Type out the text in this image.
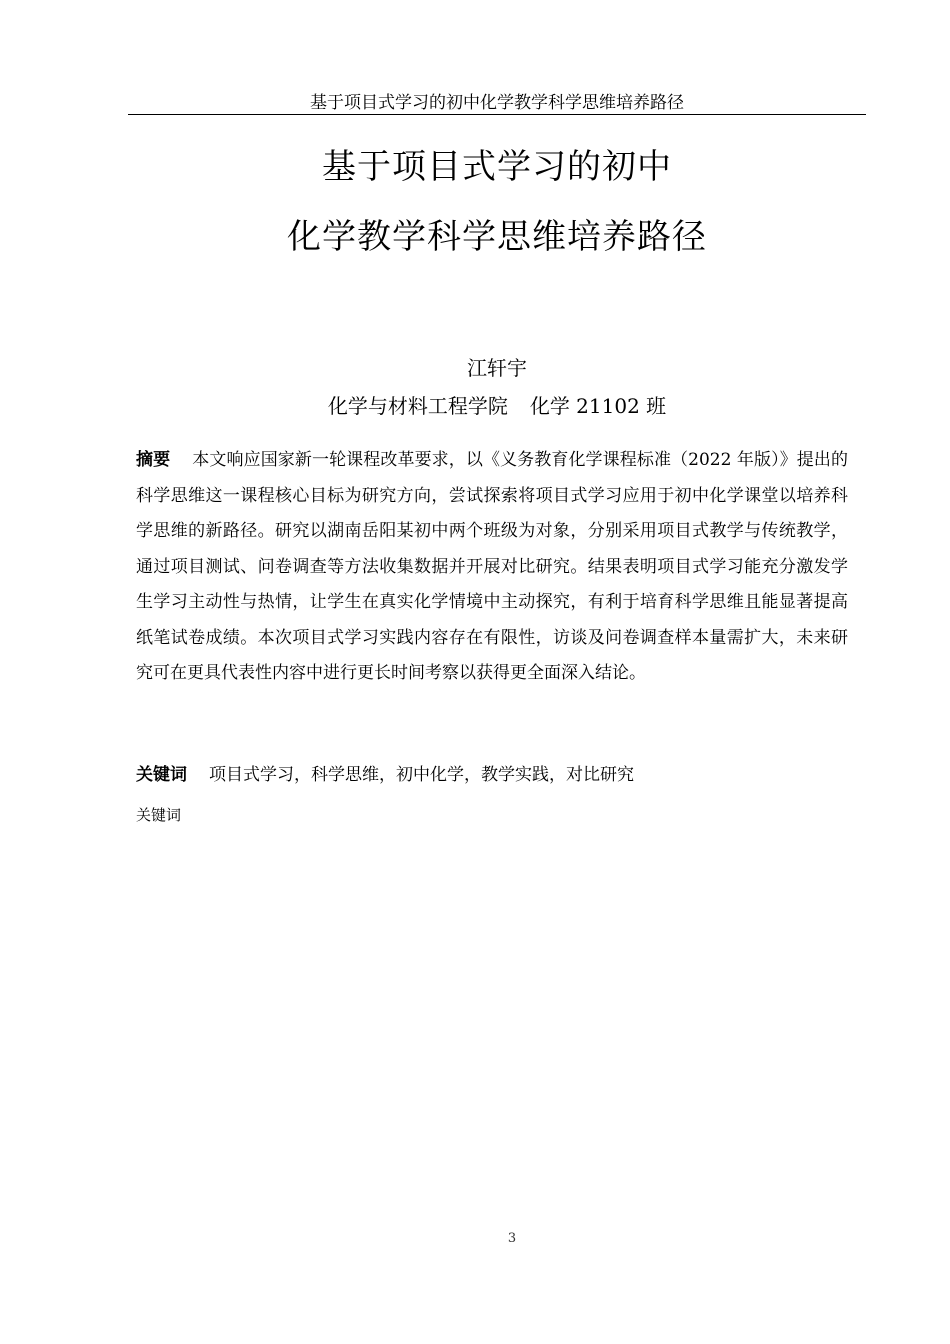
基于项目式学习的初中化学教学科学思维培养路径
基于项目式学习的初中
化学教学科学思维培养路径
江轩宇
化学与材料工程学院 化学 21102 班
摘要 本文响应国家新一轮课程改革要求，以《义务教育化学课程标准（2022 年版）》提出的科学思维这一课程核心目标为研究方向，尝试探索将项目式学习应用于初中化学课堂以培养科学思维的新路径。研究以湖南岳阳某初中两个班级为对象，分别采用项目式教学与传统教学，通过项目测试、问卷调查等方法收集数据并开展对比研究。结果表明项目式学习能充分激发学生学习主动性与热情，让学生在真实化学情境中主动探究，有利于培育科学思维且能显著提高纸笔试卷成绩。本次项目式学习实践内容存在有限性，访谈及问卷调查样本量需扩大，未来研究可在更具代表性内容中进行更长时间考察以获得更全面深入结论。
关键词 项目式学习，科学思维，初中化学，教学实践，对比研究
关键词
3
